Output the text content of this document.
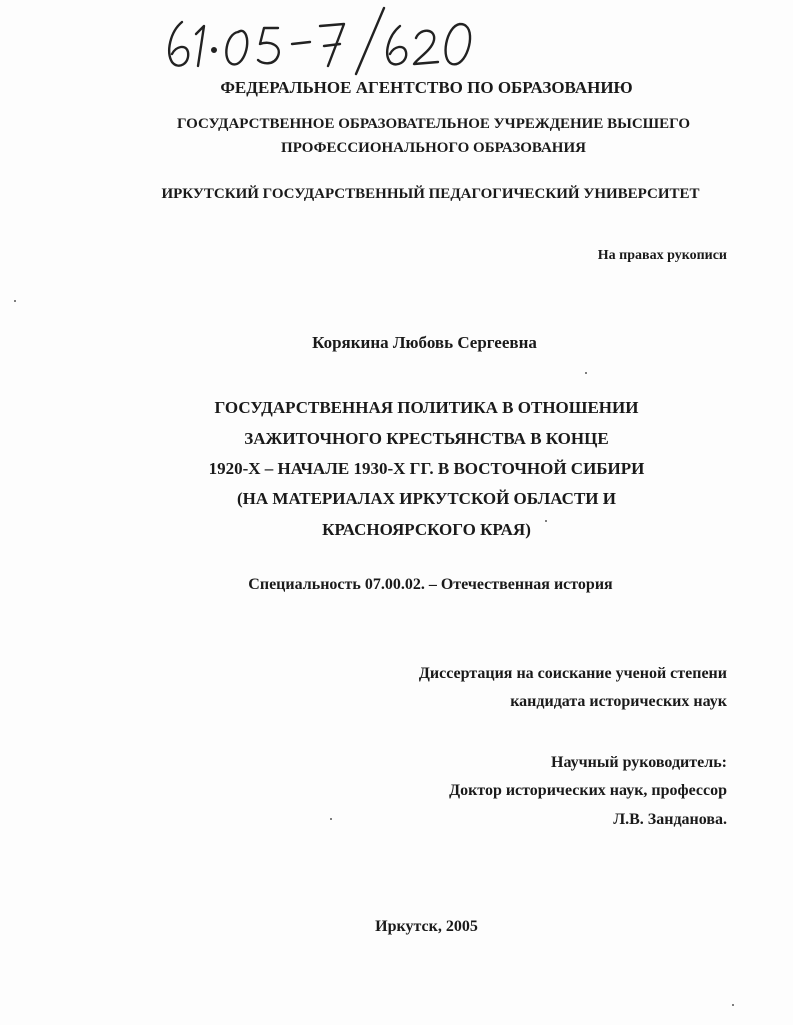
ФЕДЕРАЛЬНОЕ АГЕНТСТВО ПО ОБРАЗОВАНИЮ
ГОСУДАРСТВЕННОЕ ОБРАЗОВАТЕЛЬНОЕ УЧРЕЖДЕНИЕ ВЫСШЕГО
ПРОФЕССИОНАЛЬНОГО ОБРАЗОВАНИЯ
ИРКУТСКИЙ ГОСУДАРСТВЕННЫЙ ПЕДАГОГИЧЕСКИЙ УНИВЕРСИТЕТ
На правах рукописи
Корякина Любовь Сергеевна
ГОСУДАРСТВЕННАЯ ПОЛИТИКА В ОТНОШЕНИИ
ЗАЖИТОЧНОГО КРЕСТЬЯНСТВА В КОНЦЕ
1920-Х – НАЧАЛЕ 1930-Х ГГ. В ВОСТОЧНОЙ СИБИРИ
(НА МАТЕРИАЛАХ ИРКУТСКОЙ ОБЛАСТИ И
КРАСНОЯРСКОГО КРАЯ)
Специальность 07.00.02. – Отечественная история
Диссертация на соискание ученой степени
кандидата исторических наук
Научный руководитель:
Доктор исторических наук, профессор
Л.В. Занданова.
Иркутск, 2005
